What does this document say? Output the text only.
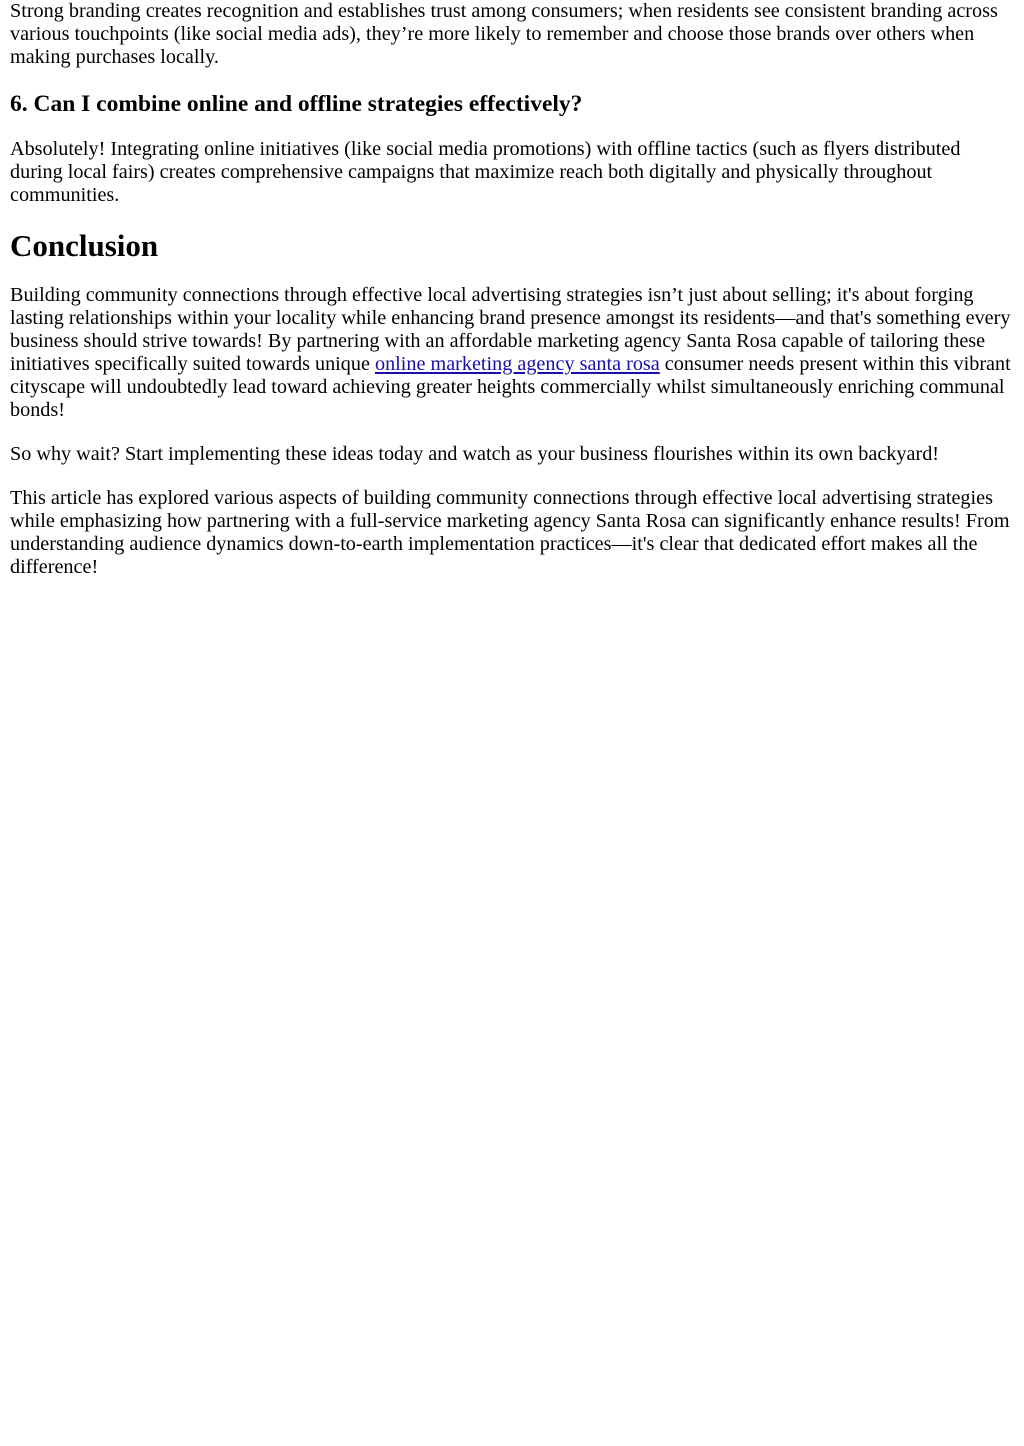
Strong branding creates recognition and establishes trust among consumers; when residents see consistent branding across various touchpoints (like social media ads), they’re more likely to remember and choose those brands over others when making purchases locally.

6. Can I combine online and offline strategies effectively?

Absolutely! Integrating online initiatives (like social media promotions) with offline tactics (such as flyers distributed during local fairs) creates comprehensive campaigns that maximize reach both digitally and physically throughout communities.

Conclusion

Building community connections through effective local advertising strategies isn’t just about selling; it's about forging lasting relationships within your locality while enhancing brand presence amongst its residents—and that's something every business should strive towards! By partnering with an affordable marketing agency Santa Rosa capable of tailoring these initiatives specifically suited towards unique online marketing agency santa rosa consumer needs present within this vibrant cityscape will undoubtedly lead toward achieving greater heights commercially whilst simultaneously enriching communal bonds!

So why wait? Start implementing these ideas today and watch as your business flourishes within its own backyard!

This article has explored various aspects of building community connections through effective local advertising strategies while emphasizing how partnering with a full-service marketing agency Santa Rosa can significantly enhance results! From understanding audience dynamics down-to-earth implementation practices—it's clear that dedicated effort makes all the difference!
